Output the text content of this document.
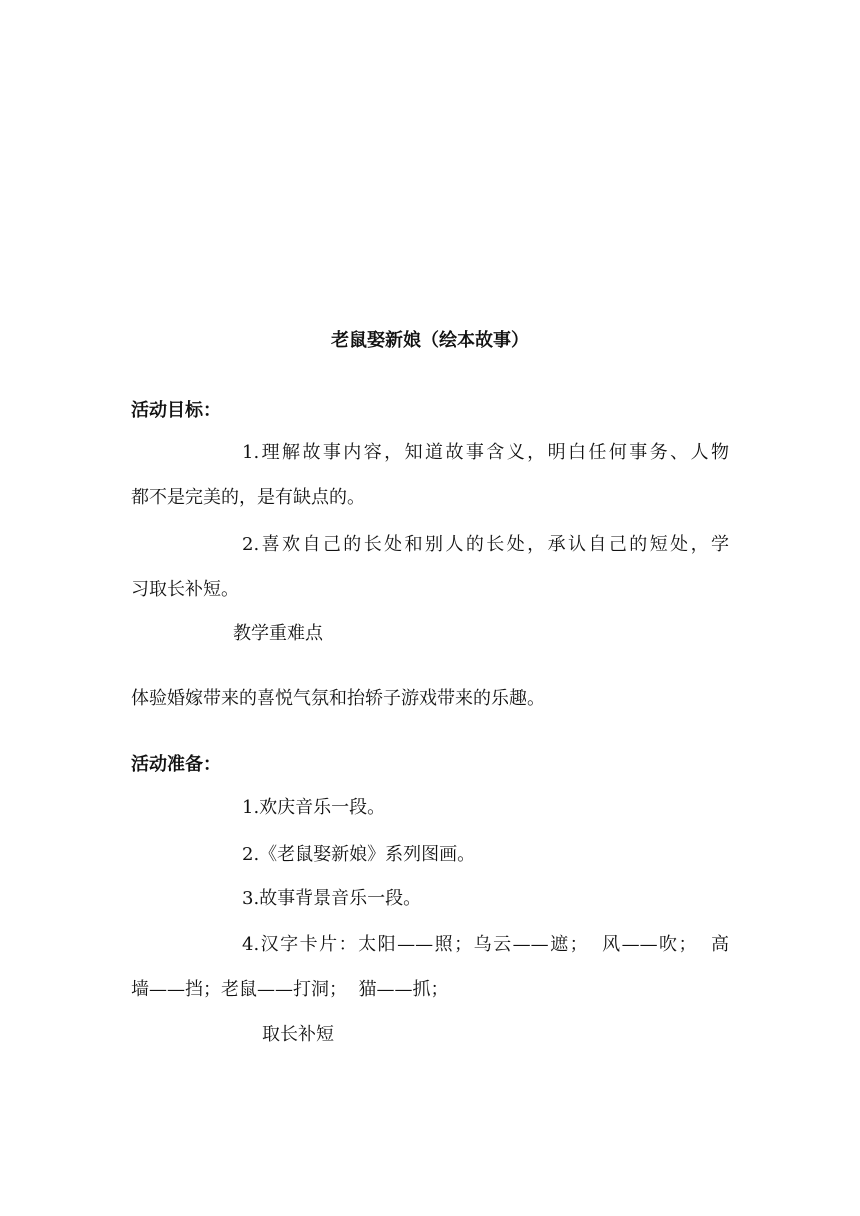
老鼠娶新娘（绘本故事）
活动目标：
1.理解故事内容，知道故事含义，明白任何事务、人物
都不是完美的，是有缺点的。
2.喜欢自己的长处和别人的长处，承认自己的短处，学
习取长补短。
教学重难点
体验婚嫁带来的喜悦气氛和抬轿子游戏带来的乐趣。
活动准备：
1.欢庆音乐一段。
2.《老鼠娶新娘》系列图画。
3.故事背景音乐一段。
4.汉字卡片：太阳——照；乌云——遮；  风——吹；  高
墙——挡；老鼠——打洞；  猫——抓；
取长补短
